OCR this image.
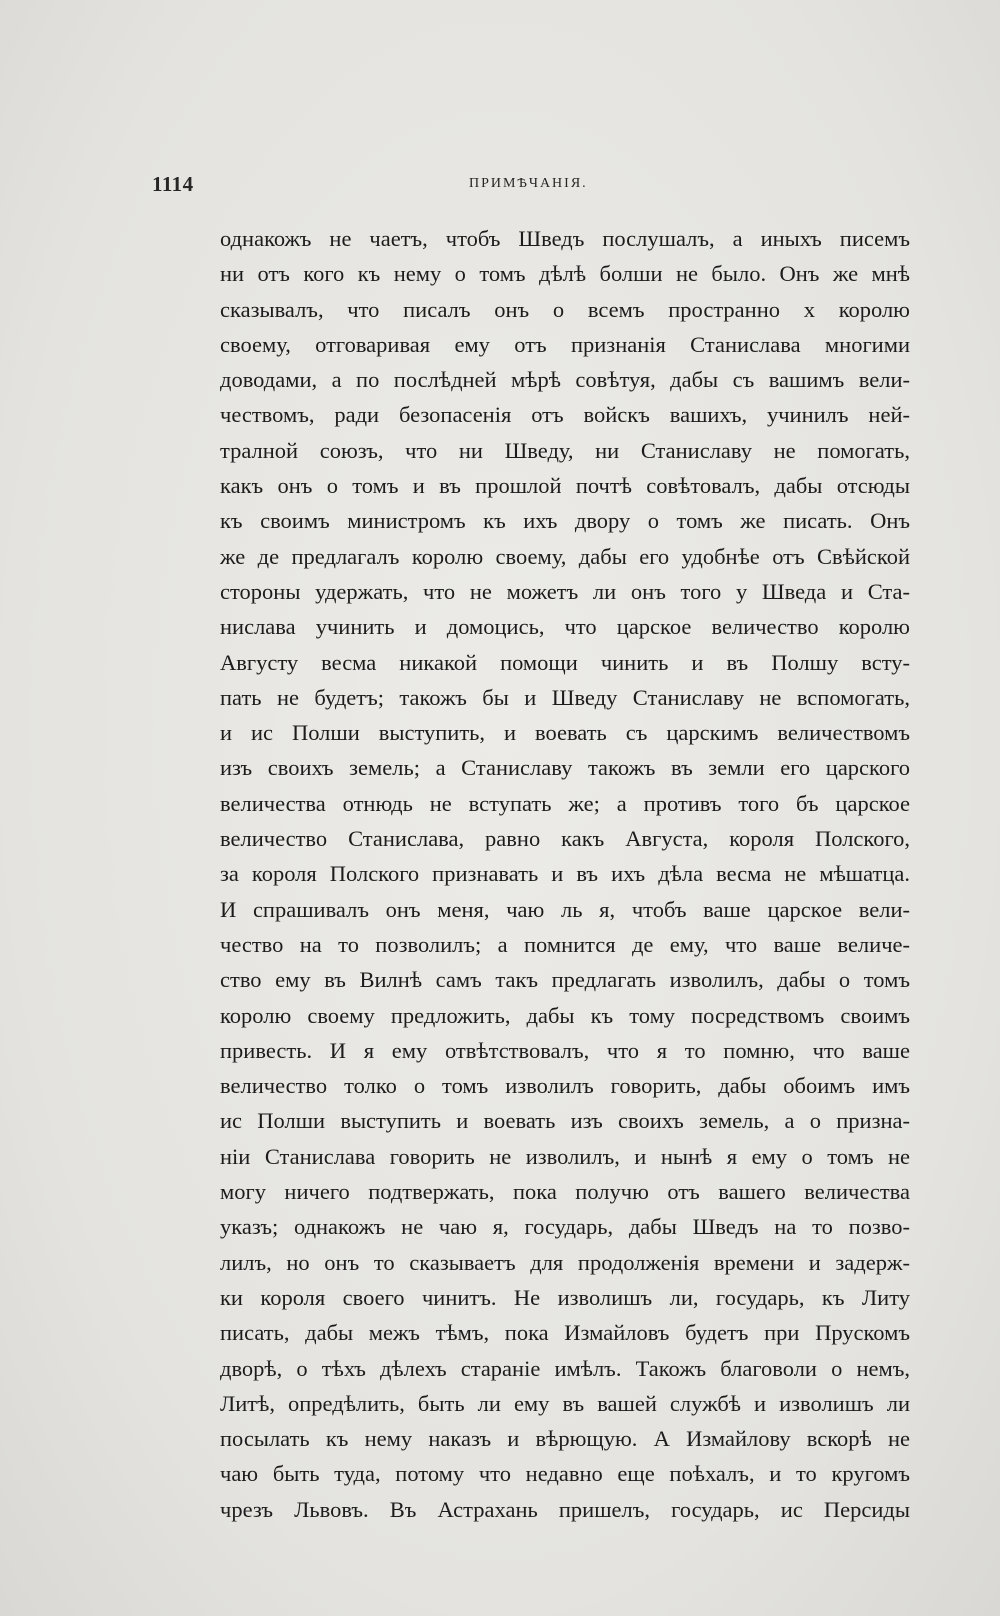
1114	ПРИМѢЧАНІЯ.
однакожъ не чаетъ, чтобъ Шведъ послушалъ, а иныхъ писемъ
ни отъ кого къ нему о томъ дѣлѣ болши не было. Онъ же мнѣ
сказывалъ, что писалъ онъ о всемъ пространно х королю
своему, отговаривая ему отъ признанія Станислава многими
доводами, а по послѣдней мѣрѣ совѣтуя, дабы съ вашимъ вели-
чествомъ, ради безопасенія отъ войскъ вашихъ, учинилъ ней-
тралной союзъ, что ни Шведу, ни Станиславу не помогать,
какъ онъ о томъ и въ прошлой почтѣ совѣтовалъ, дабы отсюды
къ своимъ министромъ къ ихъ двору о томъ же писать. Онъ
же де предлагалъ королю своему, дабы его удобнѣе отъ Свѣйской
стороны удержать, что не можетъ ли онъ того у Шведа и Ста-
нислава учинить и домоцись, что царское величество королю
Августу весма никакой помощи чинить и въ Полшу всту-
пать не будетъ; такожъ бы и Шведу Станиславу не вспомогать,
и ис Полши выступить, и воевать съ царскимъ величествомъ
изъ своихъ земель; а Станиславу такожъ въ земли его царского
величества отнюдь не вступать же; а противъ того бъ царское
величество Станислава, равно какъ Августа, короля Полского,
за короля Полского признавать и въ ихъ дѣла весма не мѣшатца.
И спрашивалъ онъ меня, чаю ль я, чтобъ ваше царское вели-
чество на то позволилъ; а помнится де ему, что ваше величе-
ство ему въ Вилнѣ самъ такъ предлагать изволилъ, дабы о томъ
королю своему предложить, дабы къ тому посредствомъ своимъ
привесть. И я ему отвѣтствовалъ, что я то помню, что ваше
величество толко о томъ изволилъ говорить, дабы обоимъ имъ
ис Полши выступить и воевать изъ своихъ земель, а о призна-
ніи Станислава говорить не изволилъ, и нынѣ я ему о томъ не
могу ничего подтвержать, пока получю отъ вашего величества
указъ; однакожъ не чаю я, государь, дабы Шведъ на то позво-
лилъ, но онъ то сказываетъ для продолженія времени и задерж-
ки короля своего чинитъ. Не изволишъ ли, государь, къ Литу
писать, дабы межъ тѣмъ, пока Измайловъ будетъ при Прускомъ
дворѣ, о тѣхъ дѣлехъ стараніе имѣлъ. Такожъ благоволи о немъ,
Литѣ, опредѣлить, быть ли ему въ вашей службѣ и изволишъ ли
посылать къ нему наказъ и вѣрющую. А Измайлову вскорѣ не
чаю быть туда, потому что недавно еще поѣхалъ, и то кругомъ
чрезъ Львовъ. Въ Астрахань пришелъ, государь, ис Персиды
